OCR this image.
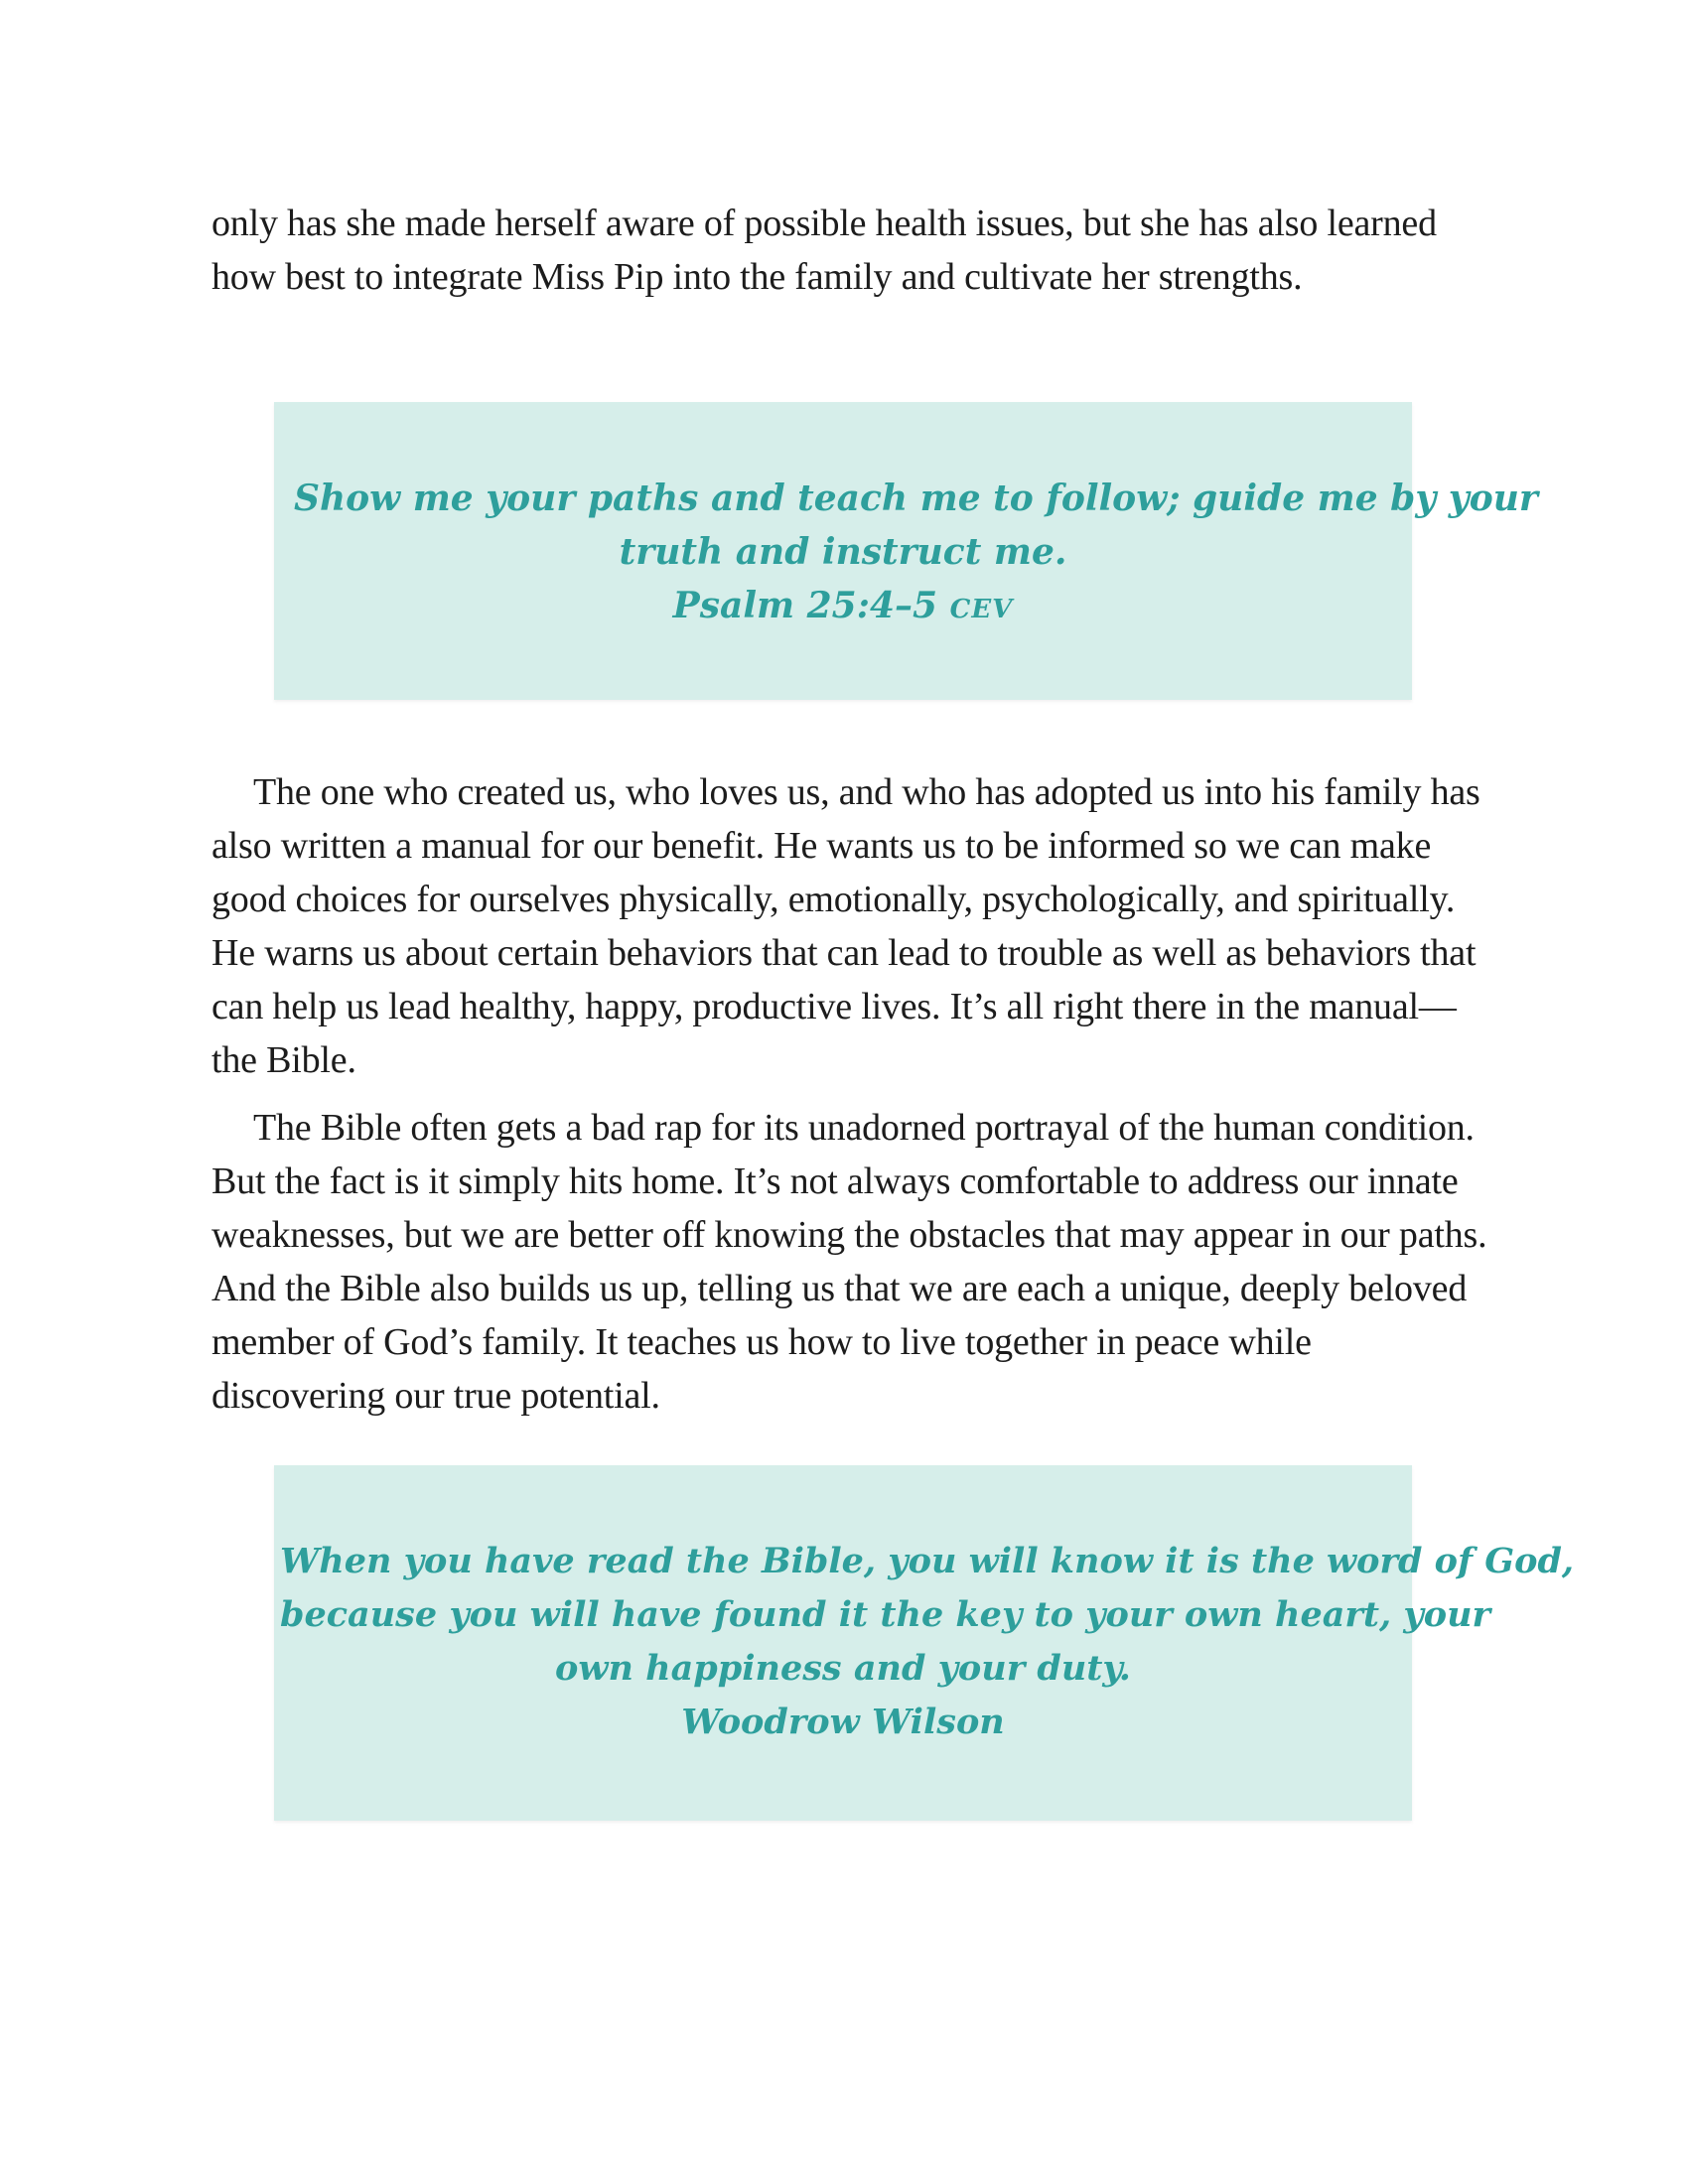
only has she made herself aware of possible health issues, but she has also learned how best to integrate Miss Pip into the family and cultivate her strengths.

Show me your paths and teach me to follow; guide me by your
truth and instruct me.
Psalm 25:4–5 CEV

The one who created us, who loves us, and who has adopted us into his family has also written a manual for our benefit. He wants us to be informed so we can make good choices for ourselves physically, emotionally, psychologically, and spiritually. He warns us about certain behaviors that can lead to trouble as well as behaviors that can help us lead healthy, happy, productive lives. It’s all right there in the manual—the Bible.

The Bible often gets a bad rap for its unadorned portrayal of the human condition. But the fact is it simply hits home. It’s not always comfortable to address our innate weaknesses, but we are better off knowing the obstacles that may appear in our paths. And the Bible also builds us up, telling us that we are each a unique, deeply beloved member of God’s family. It teaches us how to live together in peace while discovering our true potential.

When you have read the Bible, you will know it is the word of God,
because you will have found it the key to your own heart, your
own happiness and your duty.
Woodrow Wilson
